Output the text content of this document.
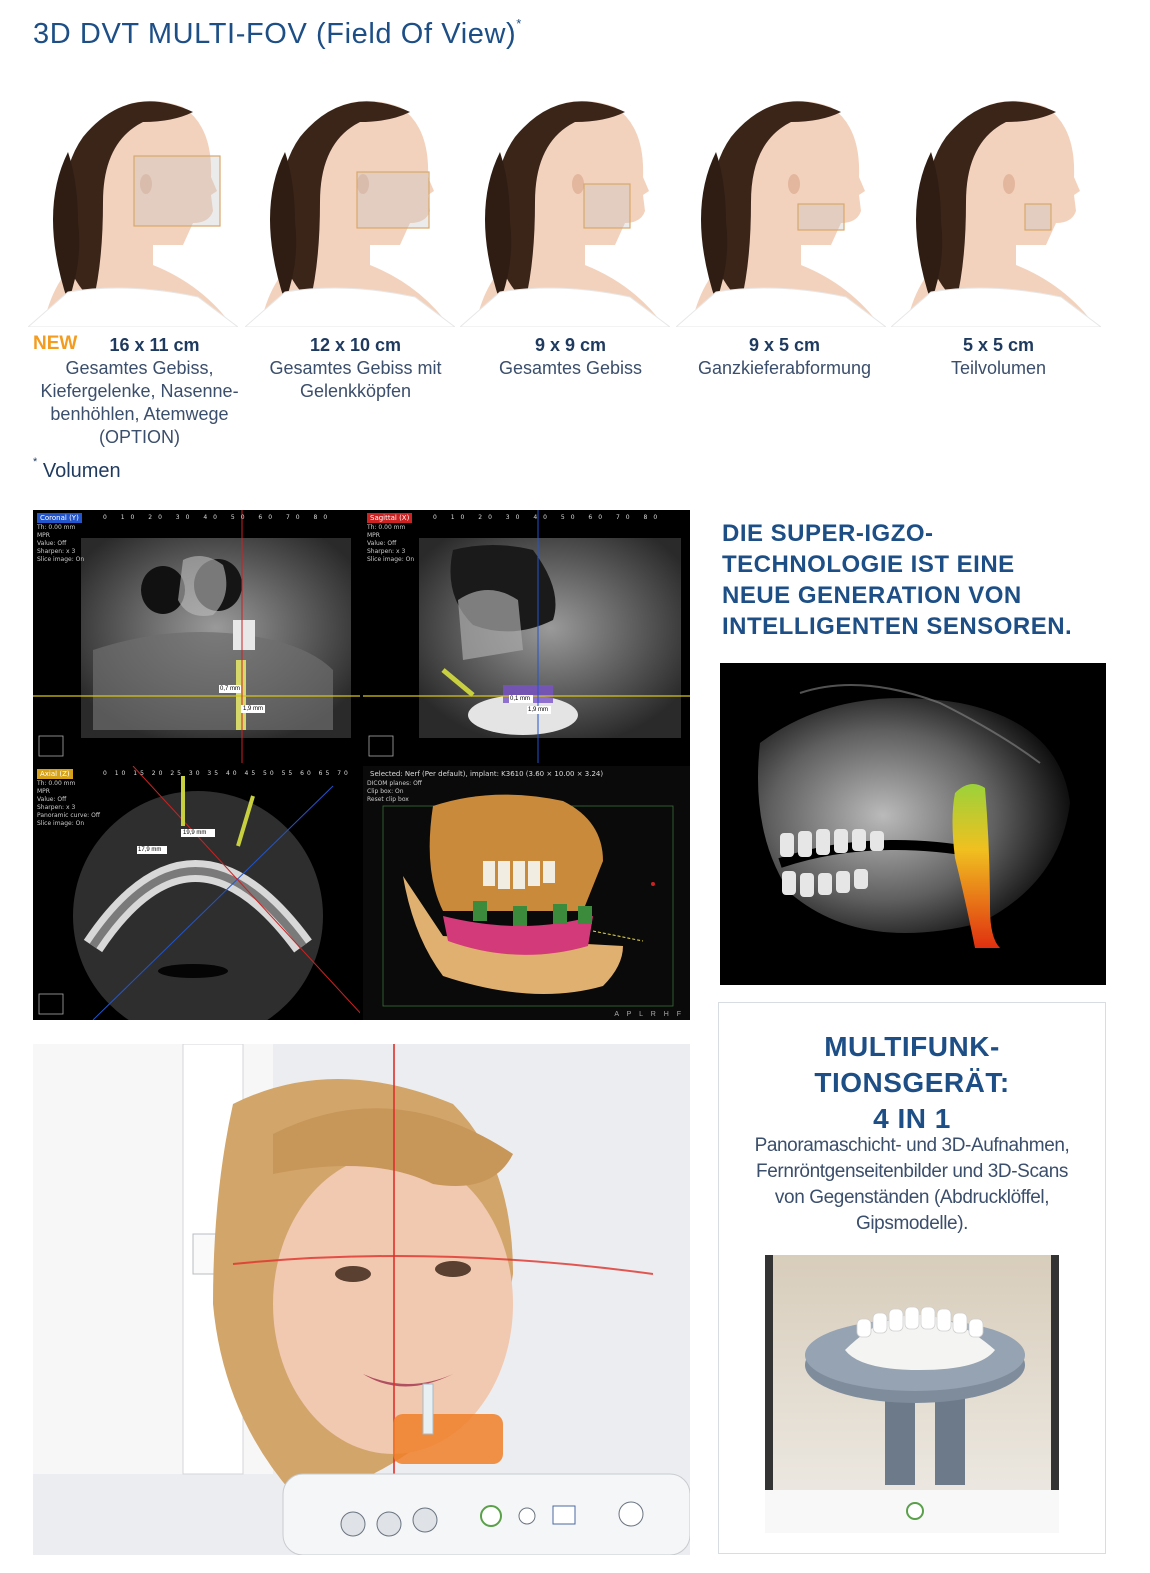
3D DVT MULTI-FOV (Field Of View)*
NEW	16 x 11 cm
Gesamtes Gebiss,
Kiefergelenke, Nasenne-
benhöhlen, Atemwege
(OPTION)
12 x 10 cm
Gesamtes Gebiss mit
Gelenkköpfen
9 x 9 cm
Gesamtes Gebiss
9 x 5 cm
Ganzkieferabformung
5 x 5 cm
Teilvolumen
* Volumen
Coronal (Y)
Th: 0.00 mm
MPR
Value: Off
Sharpen: x 3
Slice image: On
0 10 20 30 40 50 60 70 80
0,7 mm
1,9 mm
Sagittal (X)
Th: 0.00 mm
MPR
Value: Off
Sharpen: x 3
Slice image: On
0 10 20 30 40 50 60 70 80
0,1 mm
1,9 mm
Axial (Z)
Th: 0.00 mm
MPR
Value: Off
Sharpen: x 3
Panoramic curve: Off
Slice image: On
0 10 15 20 25 30 35 40 45 50 55 60 65 70
19,9 mm
17,9 mm
Selected: Nerf (Per default), implant: K3610 (3.60 × 10.00 × 3.24)
DICOM planes: Off
Clip box: On
Reset clip box
A P L R H F
DIE SUPER-IGZO-
TECHNOLOGIE IST EINE
NEUE GENERATION VON
INTELLIGENTEN SENSOREN.
MULTIFUNK-
TIONSGERÄT:
4 IN 1
Panoramaschicht- und 3D-Aufnahmen,
Fernröntgenseitenbilder und 3D-Scans
von Gegenständen (Abdrucklöffel,
Gipsmodelle).
